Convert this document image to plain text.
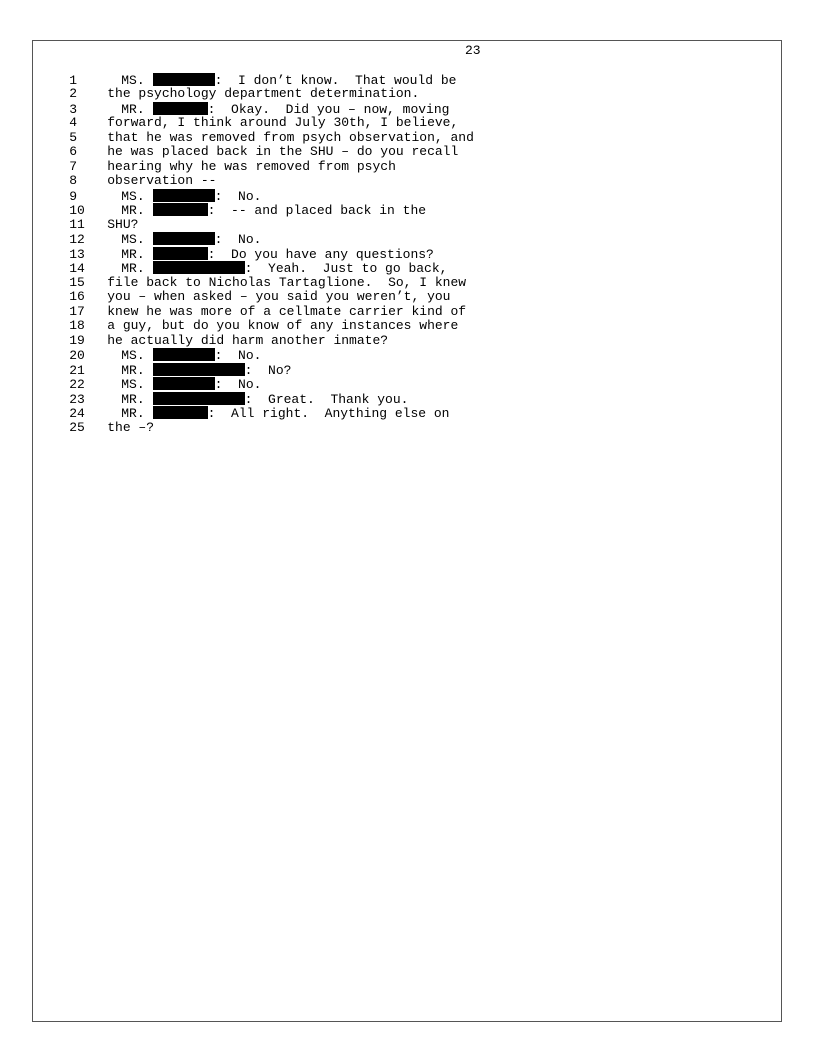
23

1	MS.	:  I don’t know.  That would be

2 the psychology department determination.

3	MR.	:  Okay.  Did you – now, moving

4 forward, I think around July 30th, I believe,

5 that he was removed from psych observation, and

6 he was placed back in the SHU – do you recall

7 hearing why he was removed from psych

8 observation --

9	MS.	:  No.

10	MR.	:  -- and placed back in the

11 SHU?

12	MS.	:  No.

13	MR.	:  Do you have any questions?

14	MR.	:  Yeah.  Just to go back,

15 file back to Nicholas Tartaglione.  So, I knew

16 you – when asked – you said you weren’t, you

17 knew he was more of a cellmate carrier kind of

18 a guy, but do you know of any instances where

19 he actually did harm another inmate?

20	MS.	:  No.

21	MR.	:  No?

22	MS.	:  No.

23	MR.	:  Great.  Thank you.

24	MR.	:  All right.  Anything else on

25 the –?
